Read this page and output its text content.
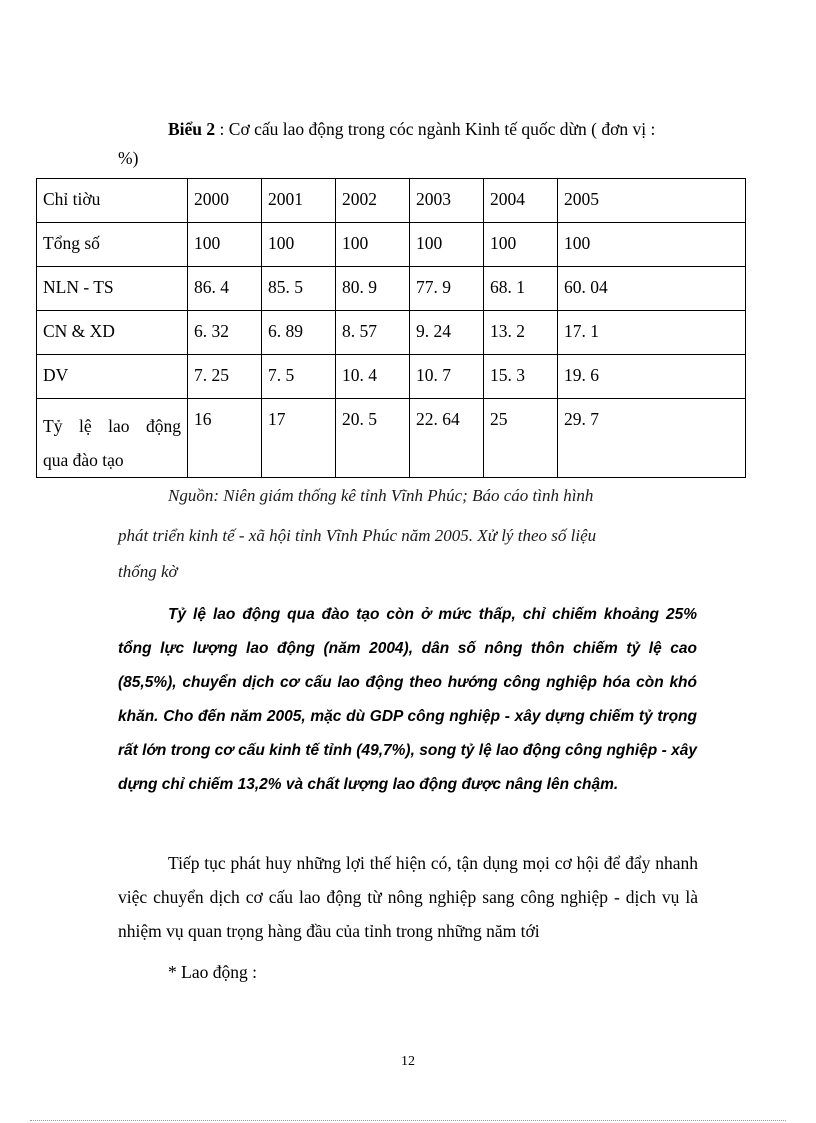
Biểu 2 : Cơ cấu lao động trong cóc ngành Kinh tế quốc dừn ( đơn vị :
%)
Chỉ tiờu	2000	2001	2002	2003	2004	2005
Tổng số	100	100	100	100	100	100
NLN - TS	86. 4	85. 5	80. 9	77. 9	68. 1	60. 04
CN & XD	6. 32	6. 89	8. 57	9. 24	13. 2	17. 1
DV	7. 25	7. 5	10. 4	10. 7	15. 3	19. 6

Tỷ lệ lao động
qua đào tạo	16	17	20. 5	22. 64	25	29. 7
Nguồn: Niên giám thống kê tỉnh Vĩnh Phúc; Báo cáo tình hình
phát triển kinh tế - xã hội tỉnh Vĩnh Phúc năm 2005. Xử lý theo số liệu
thống kờ

Tỷ lệ lao động qua đào tạo còn ở mức thấp, chỉ chiếm khoảng 25% tổng lực lượng lao động (năm 2004), dân số nông thôn chiếm tỷ lệ cao (85,5%), chuyển dịch cơ cấu lao động theo hướng công nghiệp hóa còn khó khăn. Cho đến năm 2005, mặc dù GDP công nghiệp - xây dựng chiếm tỷ trọng rất lớn trong cơ cấu kinh tế tỉnh (49,7%), song tỷ lệ lao động công nghiệp - xây dựng chỉ chiếm 13,2% và chất lượng lao động được nâng lên chậm.

Tiếp tục phát huy những lợi thế hiện có, tận dụng mọi cơ hội để đẩy nhanh việc chuyển dịch cơ cấu lao động từ nông nghiệp sang công nghiệp - dịch vụ là nhiệm vụ quan trọng hàng đầu của tỉnh trong những năm tới

* Lao động :
12
